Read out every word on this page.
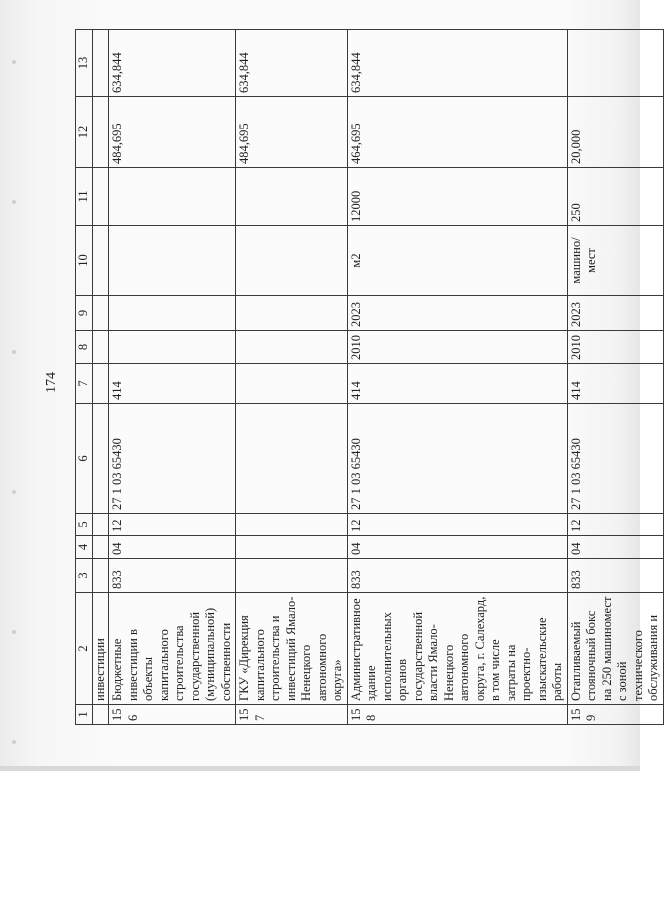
174
1	2	3	4	5	6	7	8	9	10	11	12	13
	инвестиции											
156	Бюджетные инвестиции в объекты капитального строительства государственной (муниципальной) собственности	833	04	12	27 1 03 65430	414					484,695	634,844
157	ГКУ «Дирекция капитального строительства и инвестиций Ямало-Ненецкого автономного округа»										484,695	634,844
158	Административное здание исполнительных органов государственной власти Ямало-Ненецкого автономного округа, г. Салехард, в том числе затраты на проектно-изыскательские работы	833	04	12	27 1 03 65430	414	2010	2023	м2	12000	464,695	634,844
159	Отапливаемый стояночный бокс на 250 машиномест с зоной технического обслуживания и	833	04	12	27 1 03 65430	414	2010	2023	машино/ мест	250	20,000	
